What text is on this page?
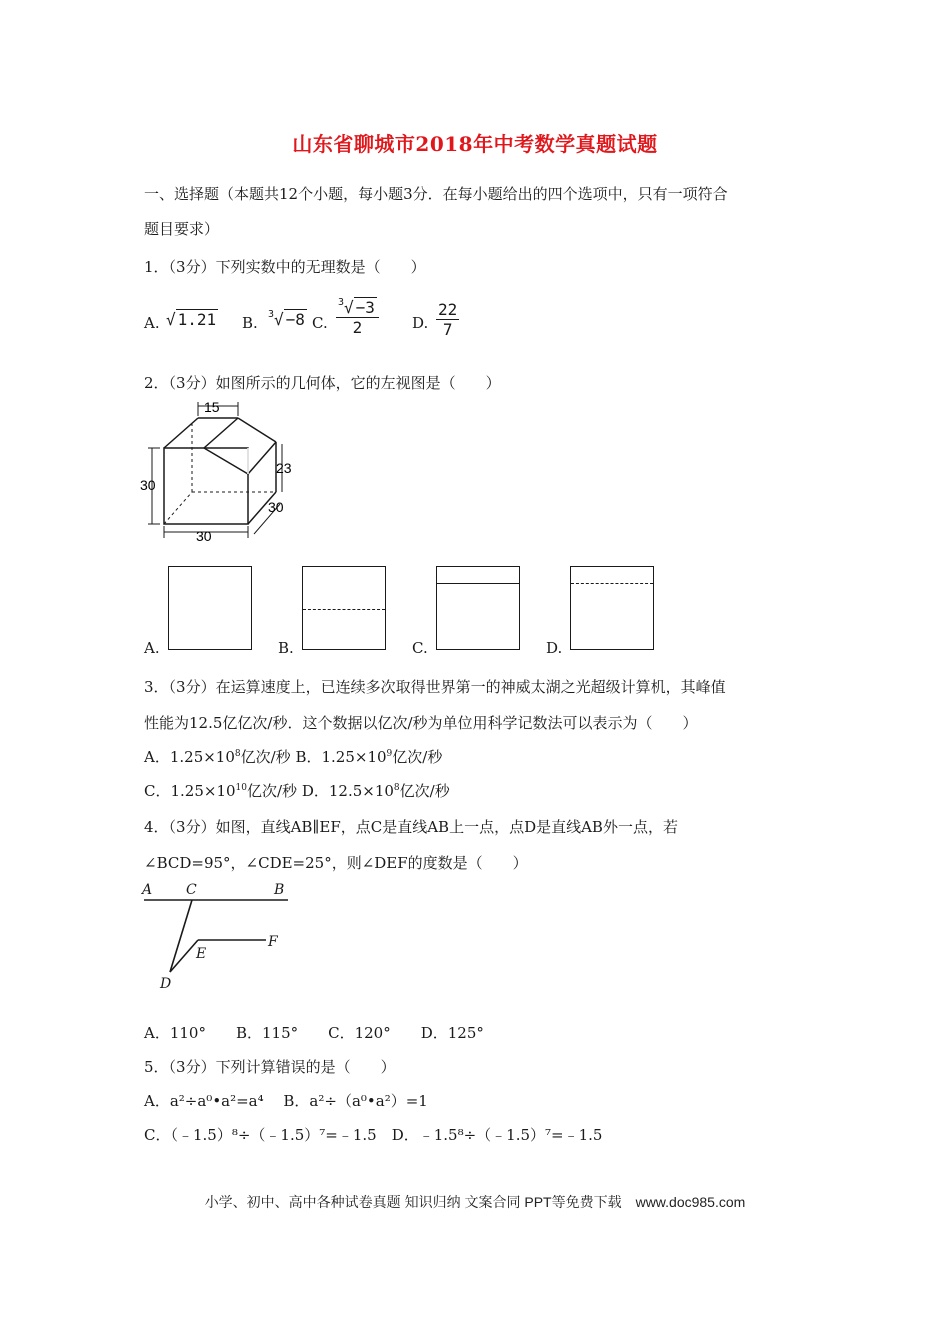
山东省聊城市2018年中考数学真题试题
一、选择题（本题共12个小题，每小题3分．在每小题给出的四个选项中，只有一项符合
题目要求）
1．（3分）下列实数中的无理数是（　　）
A. √ 1.21 B. $^3$√ −8 C. $\frac{^3√ -3}{2} D$. $\frac{22}{7}$
2．（3分）如图所示的几何体，它的左视图是（　　）
15
30
23
30
30
A.	B.	C.	D.
3．（3分）在运算速度上，已连续多次取得世界第一的神威太湖之光超级计算机，其峰值
性能为12.5亿亿次/秒．这个数据以亿次/秒为单位用科学记数法可以表示为（　　）
A．$1.25\times 10^8$亿次/秒 B．$1.25\times 10^9$亿次/秒
C．$1.25\times 10^{10}$亿次/秒 D．$12.5\times 10^8$亿次/秒
4．（3分）如图，直线AB∥EF，点C是直线AB上一点，点D是直线AB外一点，若
∠BCD=95°，∠CDE=25°，则∠DEF的度数是（　　）
A C	B
E
F
D
A．110°　　B．115°　　C．120°　　D．125°
5．（3分）下列计算错误的是（　　）
A．a²÷a⁰•a²=a⁴　 B．a²÷（a⁰•a²）=1
C．（﹣1.5）⁸÷（﹣1.5）⁷=﹣1.5　D．﹣1.5⁸÷（﹣1.5）⁷=﹣1.5
小学、初中、高中各种试卷真题 知识归纳 文案合同 PPT等免费下载　www.doc985.com
